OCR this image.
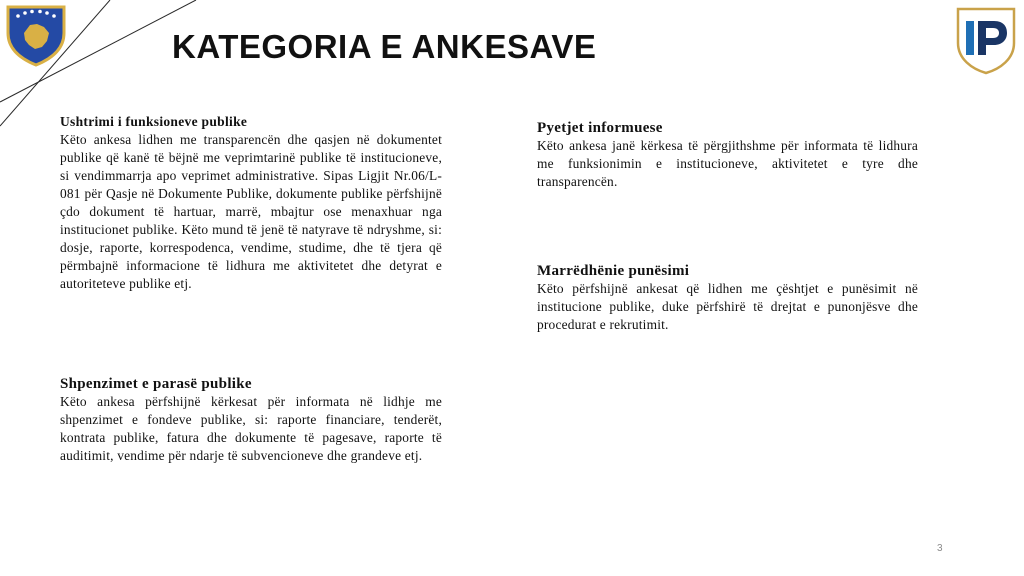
KATEGORIA E ANKESAVE
Ushtrimi i funksioneve publike

Këto ankesa lidhen me transparencën dhe qasjen në dokumentet publike që kanë të bëjnë me veprimtarinë publike të institucioneve, si vendimmarrja apo veprimet administrative. Sipas Ligjit Nr.06/L-081 për Qasje në Dokumente Publike, dokumente publike përfshijnë çdo dokument të hartuar, marrë, mbajtur ose menaxhuar nga institucionet publike. Këto mund të jenë të natyrave të ndryshme, si: dosje, raporte, korrespodenca, vendime, studime, dhe të tjera që përmbajnë informacione të lidhura me aktivitetet dhe detyrat e autoriteteve publike etj.

Pyetjet informuese

Këto ankesa janë kërkesa të përgjithshme për informata të lidhura me funksionimin e institucioneve, aktivitetet e tyre dhe transparencën.

Marrëdhënie punësimi

Këto përfshijnë ankesat që lidhen me çështjet e punësimit në institucione publike, duke përfshirë të drejtat e punonjësve dhe procedurat e rekrutimit.

Shpenzimet e parasë publike

Këto ankesa përfshijnë kërkesat për informata në lidhje me shpenzimet e fondeve publike, si: raporte financiare, tenderët, kontrata publike, fatura dhe dokumente të pagesave, raporte të auditimit, vendime për ndarje të subvencioneve dhe grandeve etj.

3
